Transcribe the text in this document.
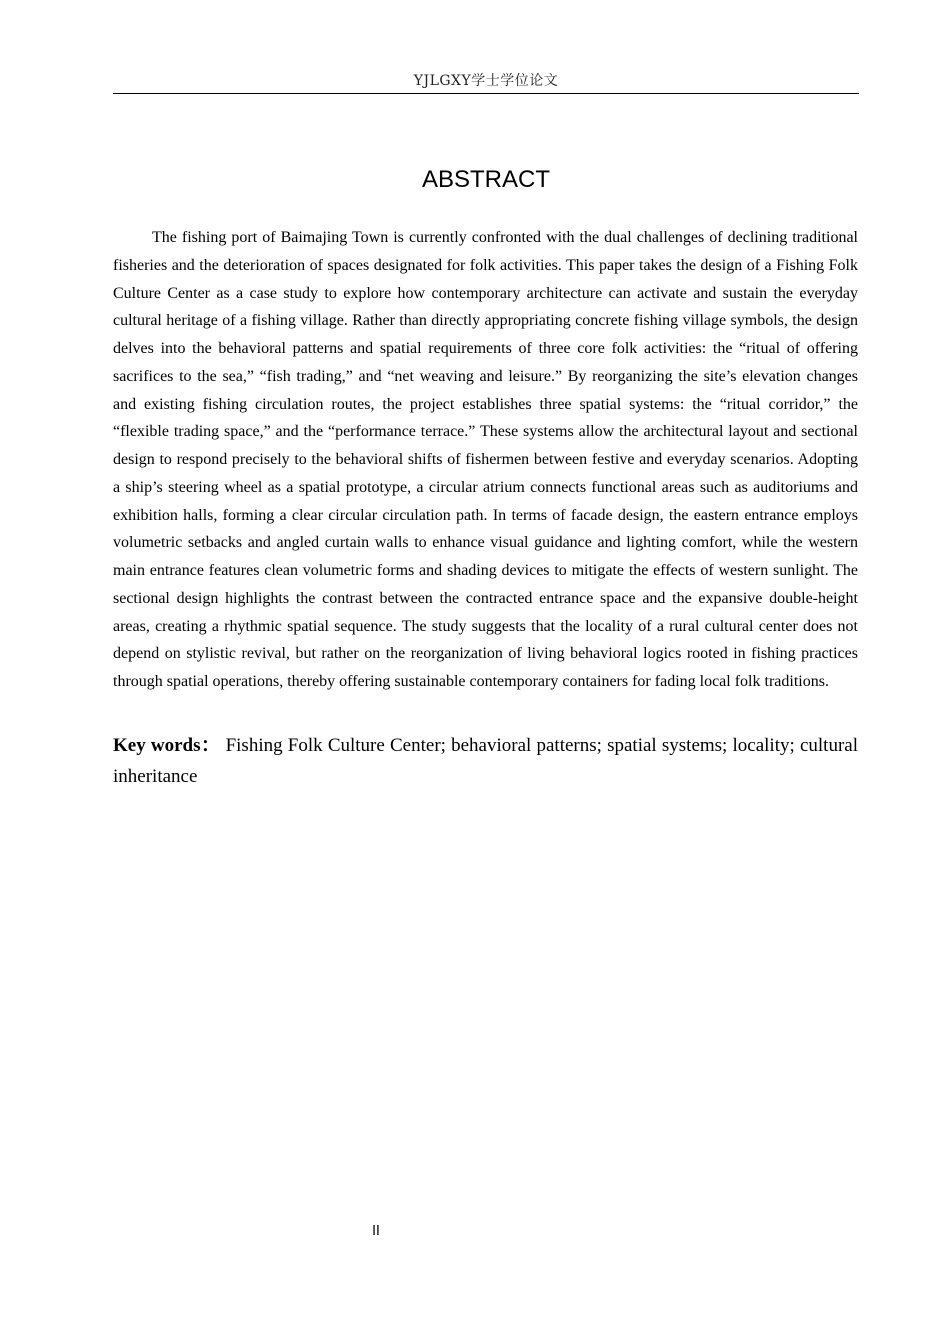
YJLGXY学士学位论文
ABSTRACT

The fishing port of Baimajing Town is currently confronted with the dual challenges of declining traditional fisheries and the deterioration of spaces designated for folk activities. This paper takes the design of a Fishing Folk Culture Center as a case study to explore how contemporary architecture can activate and sustain the everyday cultural heritage of a fishing village. Rather than directly appropriating concrete fishing village symbols, the design delves into the behavioral patterns and spatial requirements of three core folk activities: the “ritual of offering sacrifices to the sea,” “fish trading,” and “net weaving and leisure.” By reorganizing the site’s elevation changes and existing fishing circulation routes, the project establishes three spatial systems: the “ritual corridor,” the “flexible trading space,” and the “performance terrace.” These systems allow the architectural layout and sectional design to respond precisely to the behavioral shifts of fishermen between festive and everyday scenarios. Adopting a ship’s steering wheel as a spatial prototype, a circular atrium connects functional areas such as auditoriums and exhibition halls, forming a clear circular circulation path. In terms of facade design, the eastern entrance employs volumetric setbacks and angled curtain walls to enhance visual guidance and lighting comfort, while the western main entrance features clean volumetric forms and shading devices to mitigate the effects of western sunlight. The sectional design highlights the contrast between the contracted entrance space and the expansive double-height areas, creating a rhythmic spatial sequence. The study suggests that the locality of a rural cultural center does not depend on stylistic revival, but rather on the reorganization of living behavioral logics rooted in fishing practices through spatial operations, thereby offering sustainable contemporary containers for fading local folk traditions.

Key words： Fishing Folk Culture Center; behavioral patterns; spatial systems; locality; cultural inheritance

II
